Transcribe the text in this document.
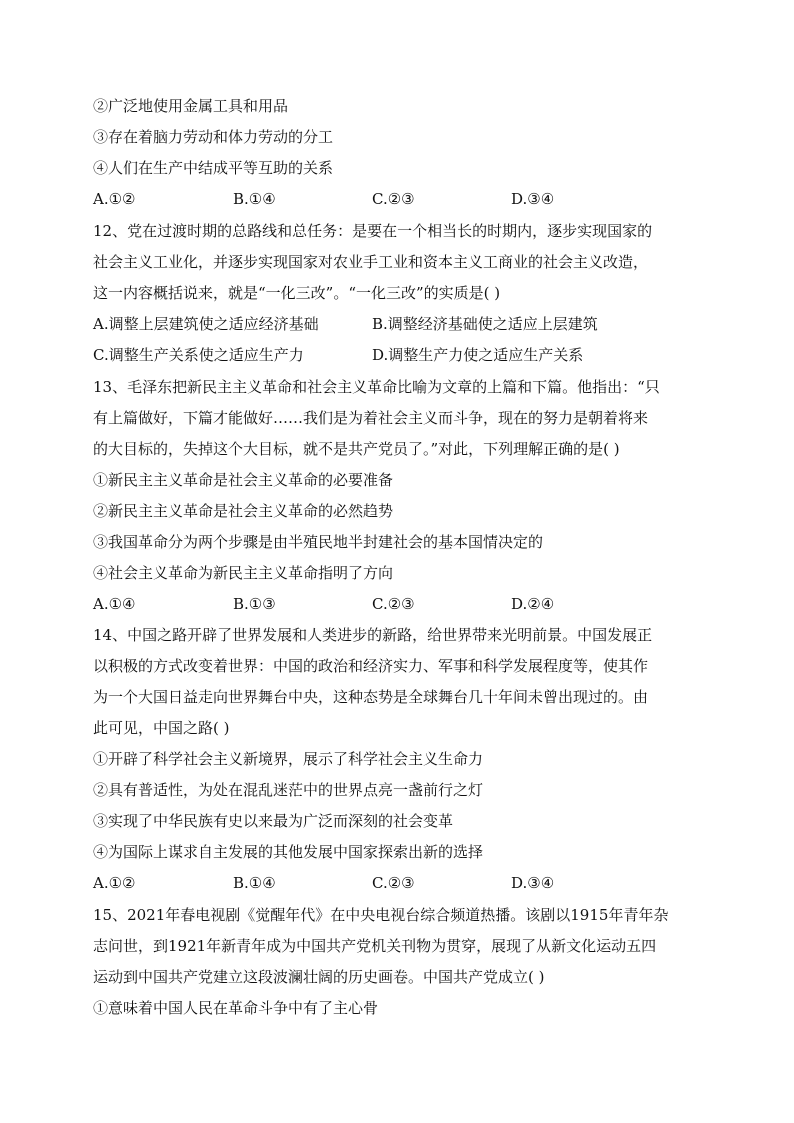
②广泛地使用金属工具和用品
③存在着脑力劳动和体力劳动的分工
④人们在生产中结成平等互助的关系
A.①②	B.①④	C.②③	D.③④
12、党在过渡时期的总路线和总任务：是要在一个相当长的时期内，逐步实现国家的
社会主义工业化，并逐步实现国家对农业手工业和资本主义工商业的社会主义改造，
这一内容概括说来，就是“一化三改”。“一化三改”的实质是( )
A.调整上层建筑使之适应经济基础	B.调整经济基础使之适应上层建筑
C.调整生产关系使之适应生产力	D.调整生产力使之适应生产关系
13、毛泽东把新民主主义革命和社会主义革命比喻为文章的上篇和下篇。他指出：“只
有上篇做好，下篇才能做好……我们是为着社会主义而斗争，现在的努力是朝着将来
的大目标的，失掉这个大目标，就不是共产党员了。”对此，下列理解正确的是( )
①新民主主义革命是社会主义革命的必要准备
②新民主主义革命是社会主义革命的必然趋势
③我国革命分为两个步骤是由半殖民地半封建社会的基本国情决定的
④社会主义革命为新民主主义革命指明了方向
A.①④	B.①③	C.②③	D.②④
14、中国之路开辟了世界发展和人类进步的新路，给世界带来光明前景。中国发展正
以积极的方式改变着世界：中国的政治和经济实力、军事和科学发展程度等，使其作
为一个大国日益走向世界舞台中央，这种态势是全球舞台几十年间未曾出现过的。由
此可见，中国之路( )
①开辟了科学社会主义新境界，展示了科学社会主义生命力
②具有普适性，为处在混乱迷茫中的世界点亮一盏前行之灯
③实现了中华民族有史以来最为广泛而深刻的社会变革
④为国际上谋求自主发展的其他发展中国家探索出新的选择
A.①②	B.①④	C.②③	D.③④
15、2021年春电视剧《觉醒年代》在中央电视台综合频道热播。该剧以1915年青年杂
志问世，到1921年新青年成为中国共产党机关刊物为贯穿，展现了从新文化运动五四
运动到中国共产党建立这段波澜壮阔的历史画卷。中国共产党成立( )
①意味着中国人民在革命斗争中有了主心骨
